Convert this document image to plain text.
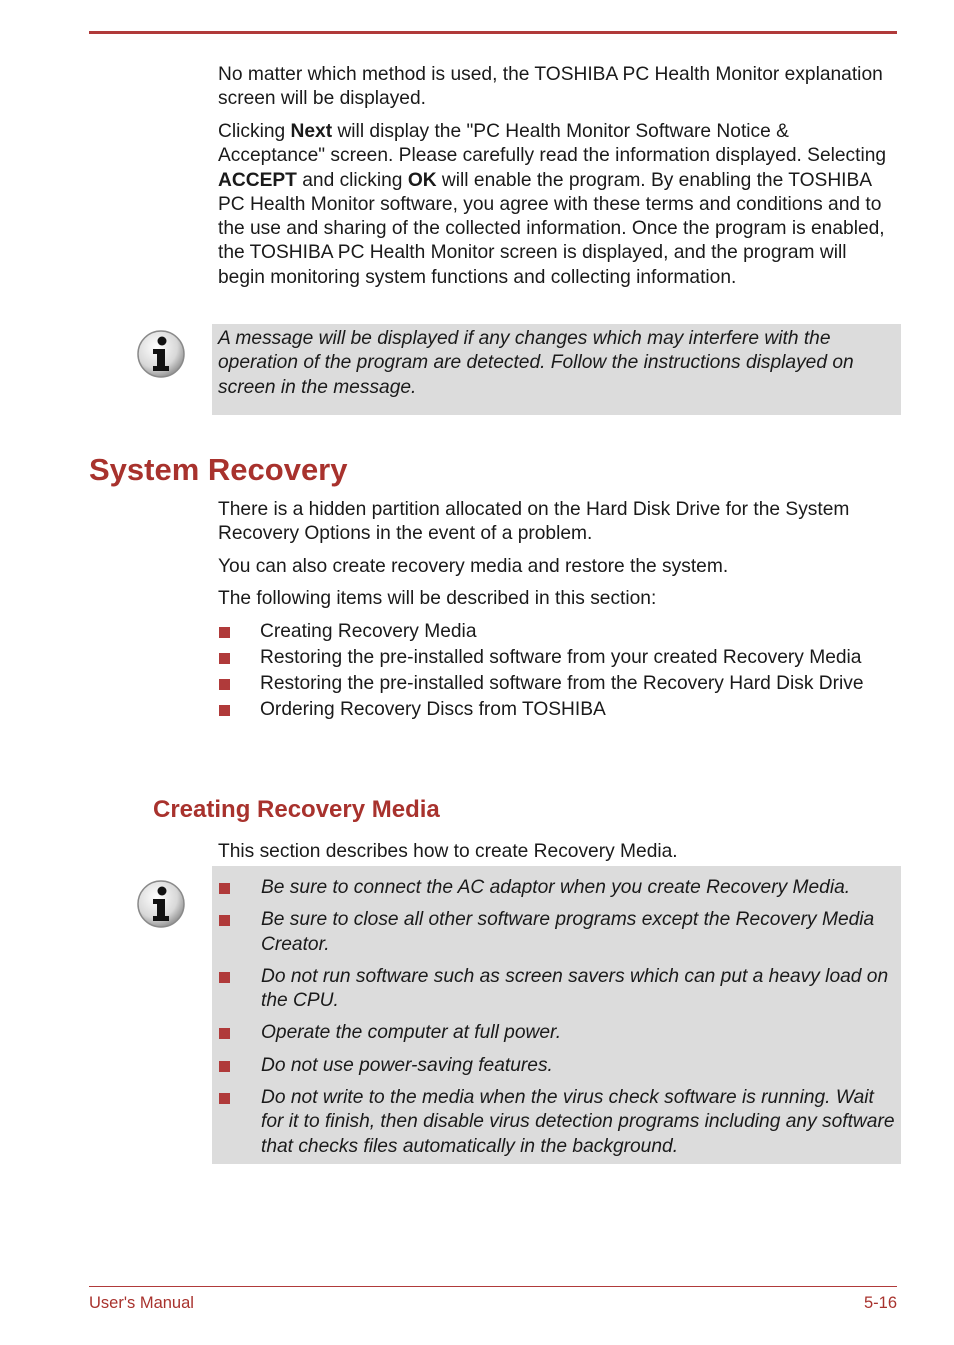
No matter which method is used, the TOSHIBA PC Health Monitor explanation screen will be displayed.

Clicking Next will display the "PC Health Monitor Software Notice & Acceptance" screen. Please carefully read the information displayed. Selecting ACCEPT and clicking OK will enable the program. By enabling the TOSHIBA PC Health Monitor software, you agree with these terms and conditions and to the use and sharing of the collected information. Once the program is enabled, the TOSHIBA PC Health Monitor screen is displayed, and the program will begin monitoring system functions and collecting information.

A message will be displayed if any changes which may interfere with the operation of the program are detected. Follow the instructions displayed on screen in the message.

System Recovery

There is a hidden partition allocated on the Hard Disk Drive for the System Recovery Options in the event of a problem.

You can also create recovery media and restore the system.

The following items will be described in this section:

Creating Recovery Media
Restoring the pre-installed software from your created Recovery Media
Restoring the pre-installed software from the Recovery Hard Disk Drive
Ordering Recovery Discs from TOSHIBA
Creating Recovery Media

This section describes how to create Recovery Media.

Be sure to connect the AC adaptor when you create Recovery Media.
Be sure to close all other software programs except the Recovery Media Creator.
Do not run software such as screen savers which can put a heavy load on the CPU.
Operate the computer at full power.
Do not use power-saving features.
Do not write to the media when the virus check software is running. Wait for it to finish, then disable virus detection programs including any software that checks files automatically in the background.
User's Manual	5-16
